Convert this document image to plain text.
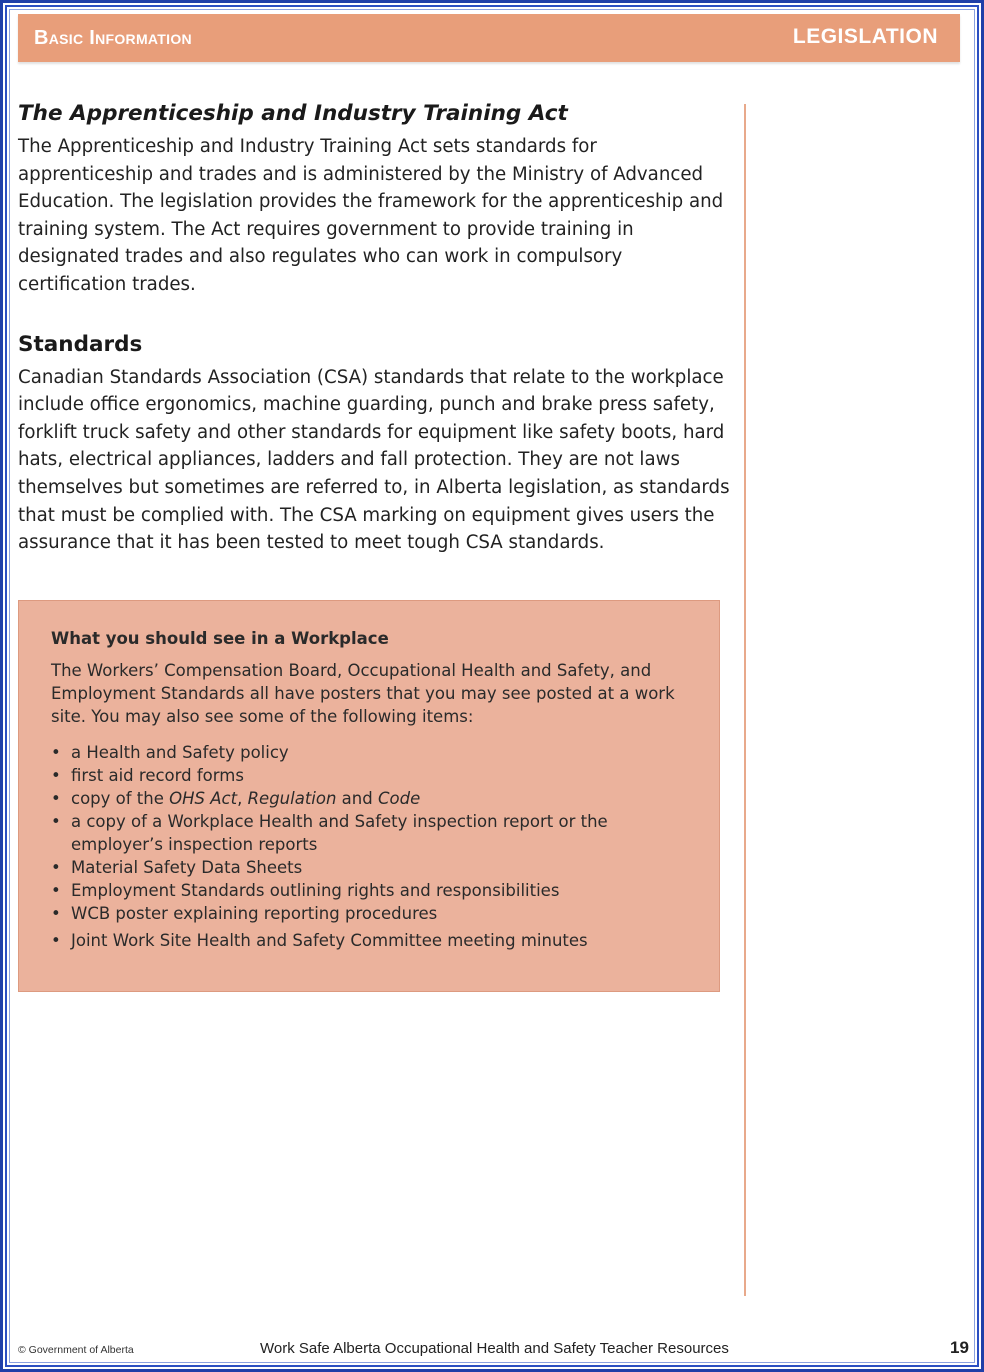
Basic Information	LEGISLATION
The Apprenticeship and Industry Training Act

The Apprenticeship and Industry Training Act sets standards for apprenticeship and trades and is administered by the Ministry of Advanced Education. The legislation provides the framework for the apprenticeship and training system. The Act requires government to provide training in designated trades and also regulates who can work in compulsory certification trades.

Standards

Canadian Standards Association (CSA) standards that relate to the workplace include office ergonomics, machine guarding, punch and brake press safety, forklift truck safety and other standards for equipment like safety boots, hard hats, electrical appliances, ladders and fall protection. They are not laws themselves but sometimes are referred to, in Alberta legislation, as standards that must be complied with. The CSA marking on equipment gives users the assurance that it has been tested to meet tough CSA standards.

What you should see in a Workplace

The Workers’ Compensation Board, Occupational Health and Safety, and Employment Standards all have posters that you may see posted at a work site. You may also see some of the following items:

• a Health and Safety policy
• first aid record forms
• copy of the OHS Act, Regulation and Code
• a copy of a Workplace Health and Safety inspection report or the employer’s inspection reports
• Material Safety Data Sheets
• Employment Standards outlining rights and responsibilities
• WCB poster explaining reporting procedures
• Joint Work Site Health and Safety Committee meeting minutes
© Government of Alberta	Work Safe Alberta Occupational Health and Safety Teacher Resources	19
